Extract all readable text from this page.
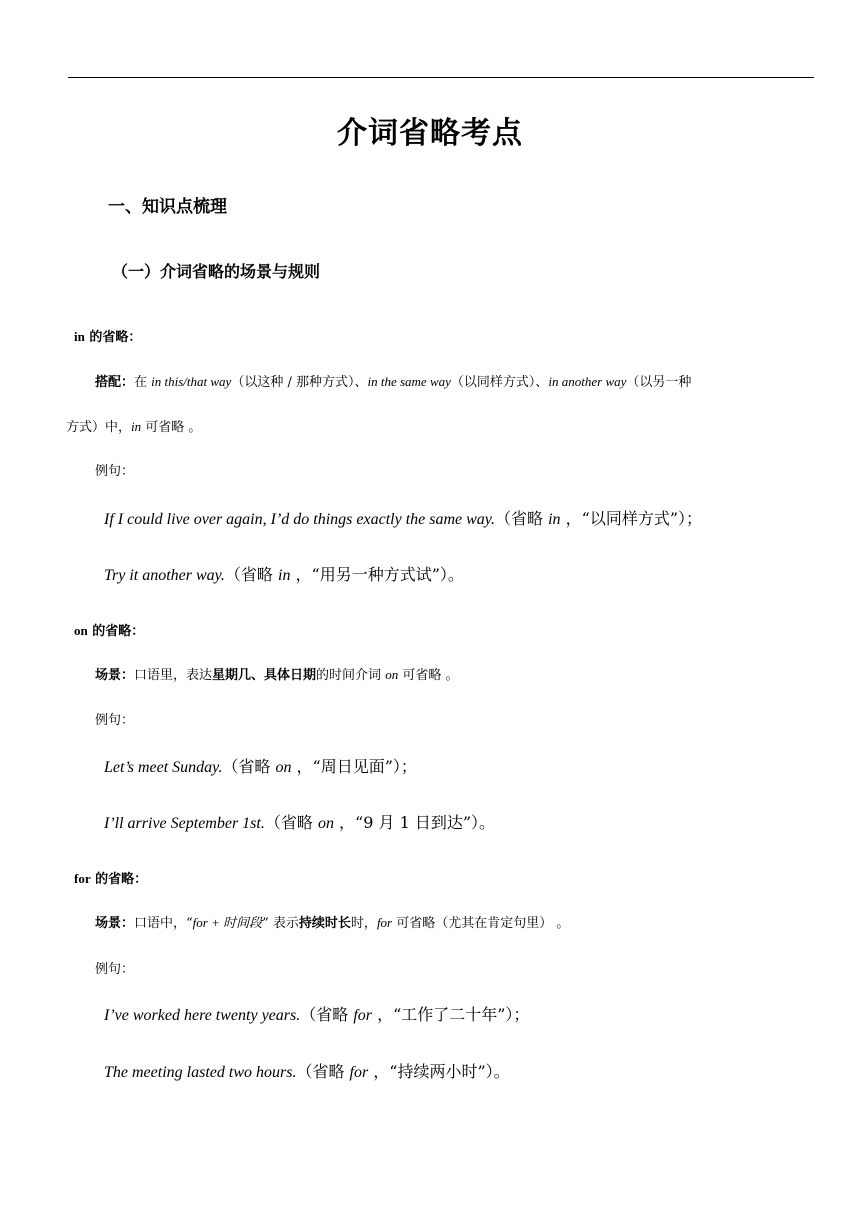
介词省略考点
一、知识点梳理
（一）介词省略的场景与规则
in 的省略：
搭配：在 in this/that way（以这种 / 那种方式）、in the same way（以同样方式）、in another way（以另一种
方式）中，in 可省略 。
例句：
If I could live over again, I’d do things exactly the same way.（省略 in ，“以同样方式”）；
Try it another way.（省略 in ，“用另一种方式试”）。
on 的省略：
场景：口语里，表达星期几、具体日期的时间介词 on 可省略 。
例句：
Let’s meet Sunday.（省略 on ，“周日见面”）；
I’ll arrive September 1st.（省略 on ，“9 月 1 日到达”）。
for 的省略：
场景：口语中，“for + 时间段” 表示持续时长时，for 可省略（尤其在肯定句里） 。
例句：
I’ve worked here twenty years.（省略 for ，“工作了二十年”）；
The meeting lasted two hours.（省略 for ，“持续两小时”）。
